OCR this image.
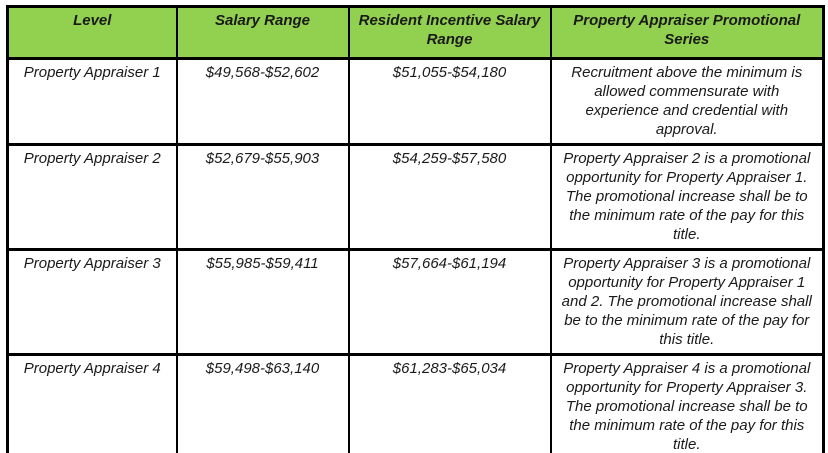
Level	Salary Range	Resident Incentive Salary Range	Property Appraiser Promotional Series
Property Appraiser 1	$49,568-$52,602	$51,055-$54,180	Recruitment above the minimum is allowed commensurate with experience and credential with approval.
Property Appraiser 2	$52,679-$55,903	$54,259-$57,580	Property Appraiser 2 is a promotional opportunity for Property Appraiser 1. The promotional increase shall be to the minimum rate of the pay for this title.
Property Appraiser 3	$55,985-$59,411	$57,664-$61,194	Property Appraiser 3 is a promotional opportunity for Property Appraiser 1 and 2. The promotional increase shall be to the minimum rate of the pay for this title.
Property Appraiser 4	$59,498-$63,140	$61,283-$65,034	Property Appraiser 4 is a promotional opportunity for Property Appraiser 3. The promotional increase shall be to the minimum rate of the pay for this title.
